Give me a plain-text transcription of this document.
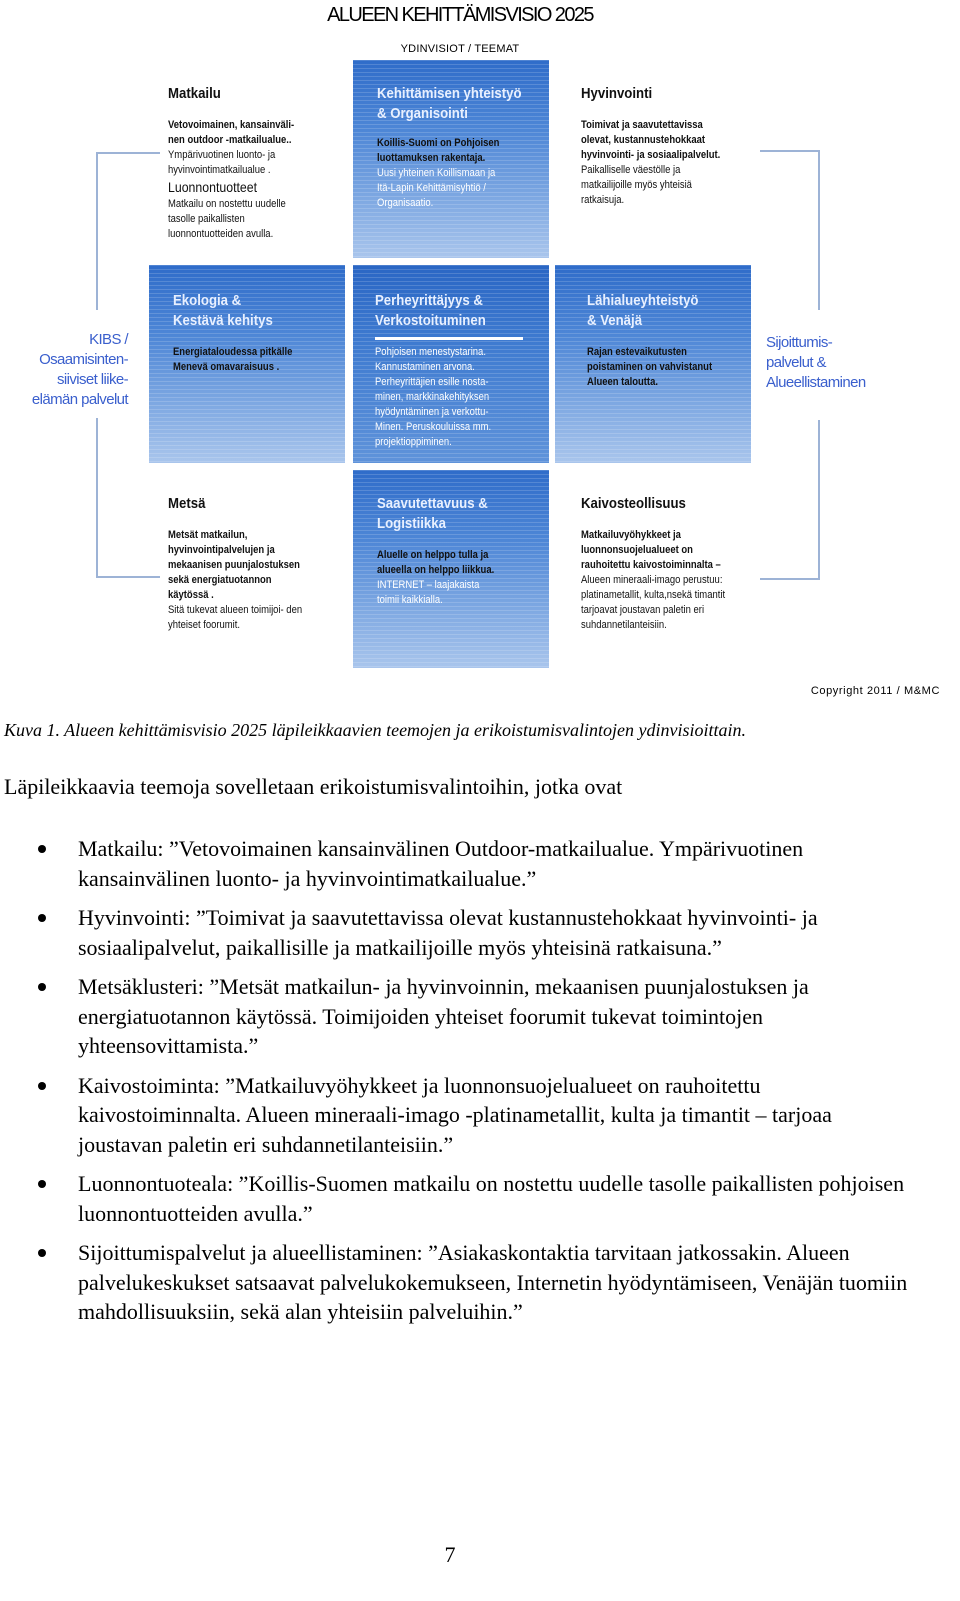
ALUEEN KEHITTÄMISVISIO 2025
YDINVISIOT / TEEMAT
KIBS /
Osaamisinten-
siiviset liike-
elämän palvelut
Sijoittumis-
palvelut &
Alueellistaminen
Matkailu
Vetovoimainen, kansainväli-
nen outdoor -matkailualue..
Ympärivuotinen luonto- ja
hyvinvointimatkailualue .
Luonnontuotteet
Matkailu on nostettu uudelle
tasolle paikallisten
luonnontuotteiden avulla.
Kehittämisen yhteistyö
& Organisointi
Koillis-Suomi on Pohjoisen
luottamuksen rakentaja.
Uusi yhteinen Koillismaan ja
Itä-Lapin Kehittämisyhtiö /
Organisaatio.
Hyvinvointi
Toimivat ja saavutettavissa
olevat, kustannustehokkaat
hyvinvointi- ja sosiaalipalvelut.
Paikalliselle väestölle ja
matkailijoille myös yhteisiä
ratkaisuja.
Ekologia &
Kestävä kehitys
Energiataloudessa pitkälle
Menevä omavaraisuus .
Perheyrittäjyys &
Verkostoituminen
Pohjoisen menestystarina.
Kannustaminen arvona.
Perheyrittäjien esille nosta-
minen, markkinakehityksen
hyödyntäminen ja verkottu-
Minen. Peruskouluissa mm.
projektioppiminen.
Lähialueyhteistyö
& Venäjä
Rajan estevaikutusten
poistaminen on vahvistanut
Alueen taloutta.
Metsä
Metsät matkailun,
hyvinvointipalvelujen ja
mekaanisen puunjalostuksen
sekä energiatuotannon
käytössä .
Sitä tukevat alueen toimijoi- den
yhteiset foorumit.
Saavutettavuus &
Logistiikka
Aluelle on helppo tulla ja
alueella on helppo liikkua.
INTERNET – laajakaista
toimii kaikkialla.
Kaivosteollisuus
Matkailuvyöhykkeet ja
luonnonsuojelualueet on
rauhoitettu kaivostoiminnalta –
Alueen mineraali-imago perustuu:
platinametallit, kulta,nsekä timantit
tarjoavat joustavan paletin eri
suhdannetilanteisiin.
Copyright 2011 / M&MC
Kuva 1. Alueen kehittämisvisio 2025 läpileikkaavien teemojen ja erikoistumisvalintojen ydinvisioittain.
Läpileikkaavia teemoja sovelletaan erikoistumisvalintoihin, jotka ovat
Matkailu: ”Vetovoimainen kansainvälinen Outdoor-matkailualue. Ympärivuotinen kansainvälinen luonto- ja hyvinvointimatkailualue.”
Hyvinvointi: ”Toimivat ja saavutettavissa olevat kustannustehokkaat hyvinvointi- ja sosiaalipalvelut, paikallisille ja matkailijoille myös yhteisinä ratkaisuna.”
Metsäklusteri: ”Metsät matkailun- ja hyvinvoinnin, mekaanisen puunjalostuksen ja energiatuotannon käytössä. Toimijoiden yhteiset foorumit tukevat toimintojen yhteensovittamista.”
Kaivostoiminta: ”Matkailuvyöhykkeet ja luonnonsuojelualueet on rauhoitettu kaivostoiminnalta. Alueen mineraali-imago -platinametallit, kulta ja timantit – tarjoaa joustavan paletin eri suhdannetilanteisiin.”
Luonnontuoteala: ”Koillis-Suomen matkailu on nostettu uudelle tasolle paikallisten pohjoisen luonnontuotteiden avulla.”
Sijoittumispalvelut ja alueellistaminen: ”Asiakaskontaktia tarvitaan jatkossakin. Alueen palvelukeskukset satsaavat palvelukokemukseen, Internetin hyödyntämiseen, Venäjän tuomiin mahdollisuuksiin, sekä alan yhteisiin palveluihin.”
7
